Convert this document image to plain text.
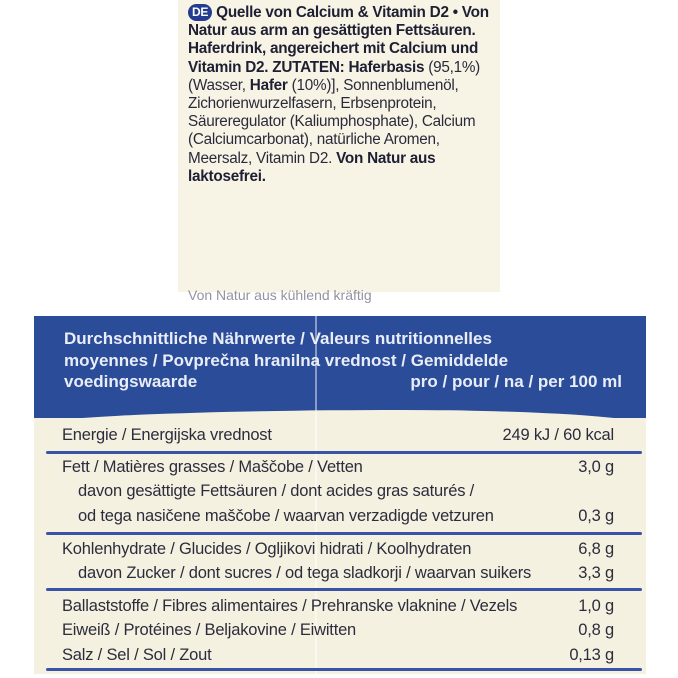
DE Quelle von Calcium & Vitamin D2 • Von Natur aus arm an gesättigten Fettsäuren. Haferdrink, angereichert mit Calcium und Vitamin D2. ZUTATEN: Haferbasis (95,1%) (Wasser, Hafer (10%)], Sonnenblumenöl, Zichorienwurzelfasern, Erbsenprotein, Säureregulator (Kaliumphosphate), Calcium (Calciumcarbonat), natürliche Aromen, Meersalz, Vitamin D2. Von Natur aus laktosefrei.
Von Natur aus kühlend kräftig
Durchschnittliche Nährwerte / Valeurs nutritionnelles
moyennes / Povprečna hranilna vrednost / Gemiddelde
voedingswaarde	pro / pour / na / per 100 ml
Energie / Energijska vrednost	249 kJ / 60 kcal
Fett / Matières grasses / Maščobe / Vetten	3,0 g
davon gesättigte Fettsäuren / dont acides gras saturés /
od tega nasičene maščobe / waarvan verzadigde vetzuren	0,3 g
Kohlenhydrate / Glucides / Ogljikovi hidrati / Koolhydraten	6,8 g
davon Zucker / dont sucres / od tega sladkorji / waarvan suikers	3,3 g
Ballaststoffe / Fibres alimentaires / Prehranske vlaknine / Vezels	1,0 g
Eiweiß / Protéines / Beljakovine / Eiwitten	0,8 g
Salz / Sel / Sol / Zout	0,13 g
